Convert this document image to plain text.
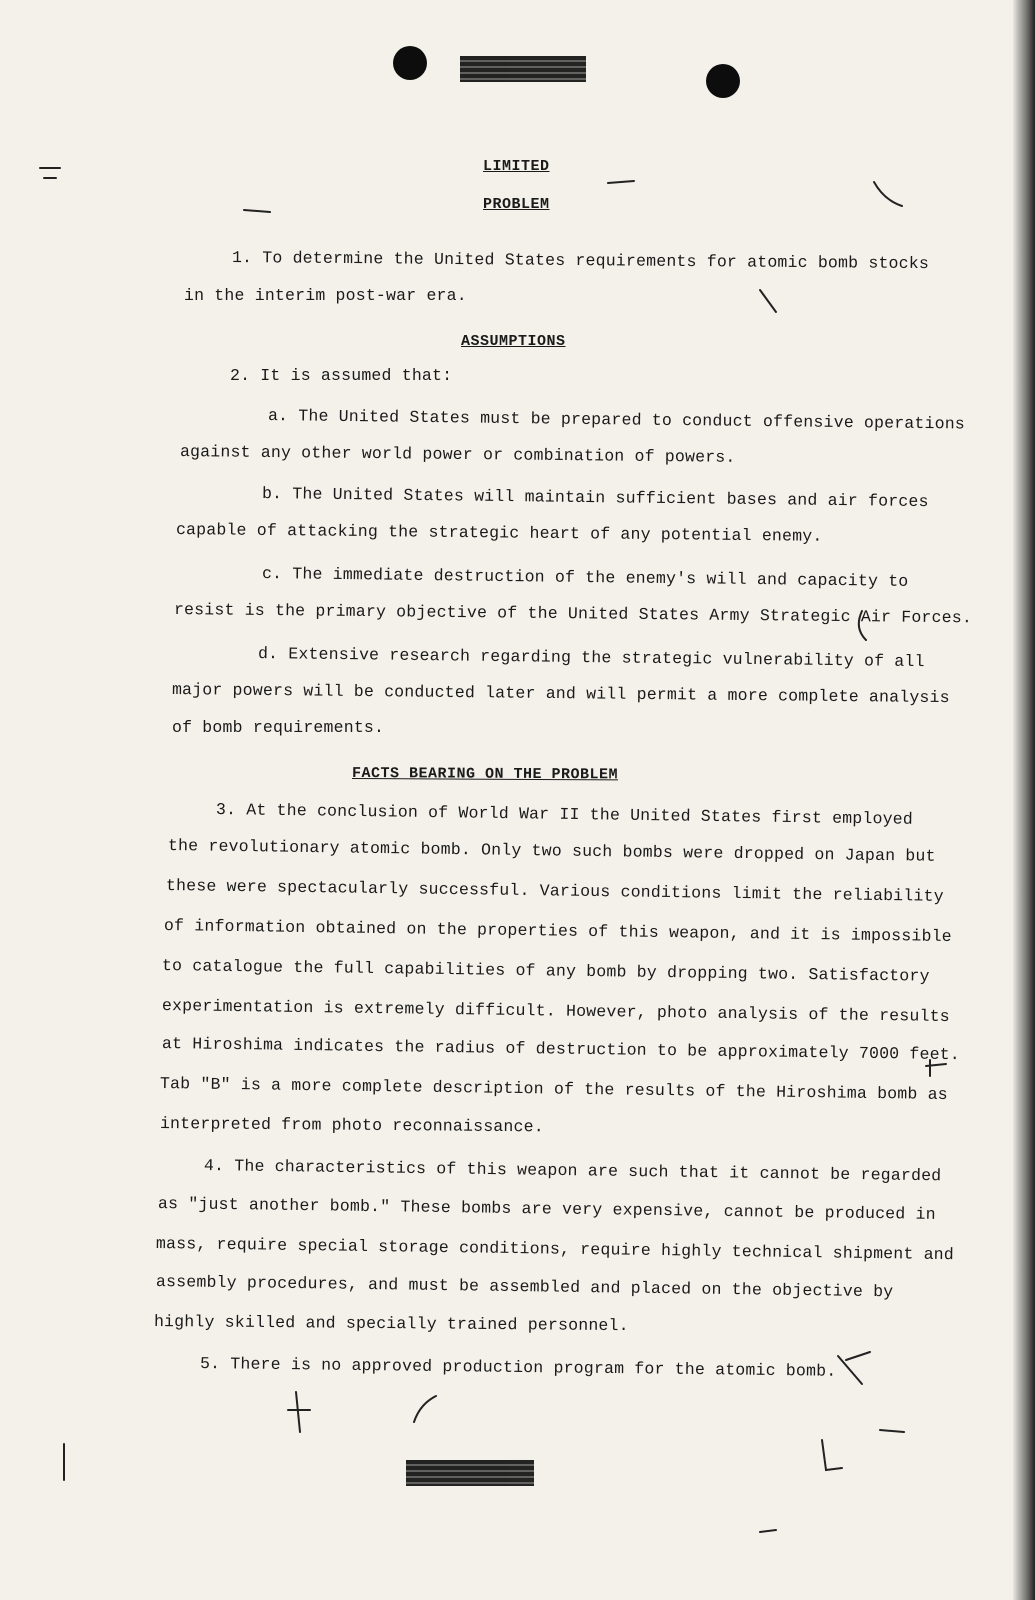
LIMITED
PROBLEM
1. To determine the United States requirements for atomic bomb stocks
in the interim post-war era.
ASSUMPTIONS
2. It is assumed that:
a. The United States must be prepared to conduct offensive operations
against any other world power or combination of powers.
b. The United States will maintain sufficient bases and air forces
capable of attacking the strategic heart of any potential enemy.
c. The immediate destruction of the enemy's will and capacity to
resist is the primary objective of the United States Army Strategic Air Forces.
d. Extensive research regarding the strategic vulnerability of all
major powers will be conducted later and will permit a more complete analysis
of bomb requirements.
FACTS BEARING ON THE PROBLEM
3. At the conclusion of World War II the United States first employed
the revolutionary atomic bomb. Only two such bombs were dropped on Japan but
these were spectacularly successful. Various conditions limit the reliability
of information obtained on the properties of this weapon, and it is impossible
to catalogue the full capabilities of any bomb by dropping two. Satisfactory
experimentation is extremely difficult. However, photo analysis of the results
at Hiroshima indicates the radius of destruction to be approximately 7000 feet.
Tab "B" is a more complete description of the results of the Hiroshima bomb as
interpreted from photo reconnaissance.
4. The characteristics of this weapon are such that it cannot be regarded
as "just another bomb." These bombs are very expensive, cannot be produced in
mass, require special storage conditions, require highly technical shipment and
assembly procedures, and must be assembled and placed on the objective by
highly skilled and specially trained personnel.
5. There is no approved production program for the atomic bomb.
